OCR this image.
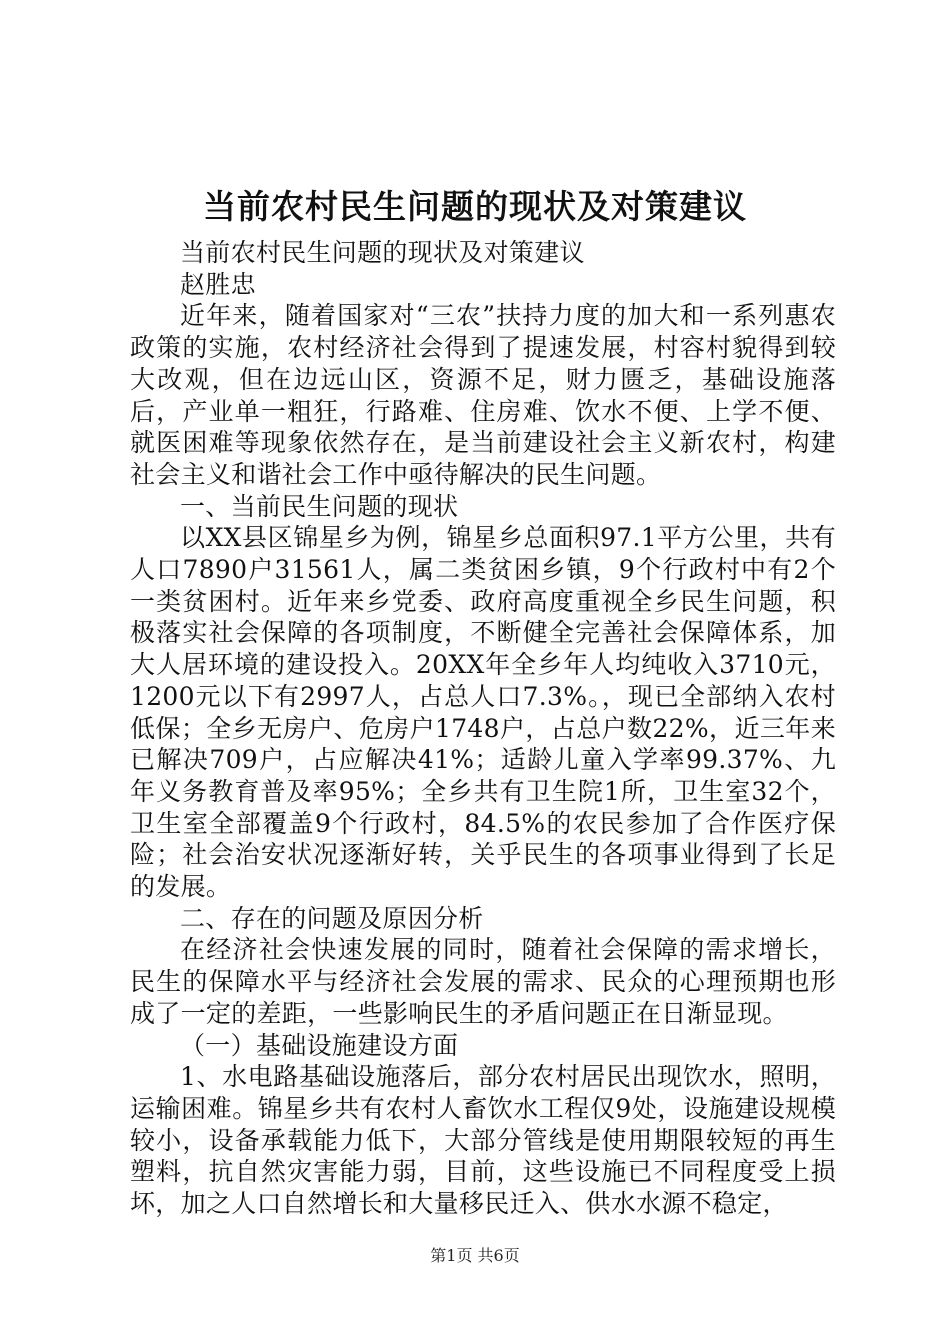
当前农村民生问题的现状及对策建议

当前农村民生问题的现状及对策建议

赵胜忠

近年来，随着国家对“三农”扶持力度的加大和一系列惠农政策的实施，农村经济社会得到了提速发展，村容村貌得到较大改观，但在边远山区，资源不足，财力匮乏，基础设施落后，产业单一粗狂，行路难、住房难、饮水不便、上学不便、就医困难等现象依然存在，是当前建设社会主义新农村，构建社会主义和谐社会工作中亟待解决的民生问题。

一、当前民生问题的现状

以XX县区锦星乡为例，锦星乡总面积97.1平方公里，共有人口7890户31561人，属二类贫困乡镇，9个行政村中有2个一类贫困村。近年来乡党委、政府高度重视全乡民生问题，积极落实社会保障的各项制度，不断健全完善社会保障体系，加大人居环境的建设投入。20XX年全乡年人均纯收入3710元，1200元以下有2997人，占总人口7.3%。，现已全部纳入农村低保；全乡无房户、危房户1748户，占总户数22%，近三年来已解决709户，占应解决41%；适龄儿童入学率99.37%、九年义务教育普及率95%；全乡共有卫生院1所，卫生室32个，卫生室全部覆盖9个行政村，84.5%的农民参加了合作医疗保险；社会治安状况逐渐好转，关乎民生的各项事业得到了长足的发展。

二、存在的问题及原因分析

在经济社会快速发展的同时，随着社会保障的需求增长，民生的保障水平与经济社会发展的需求、民众的心理预期也形成了一定的差距，一些影响民生的矛盾问题正在日渐显现。

（一）基础设施建设方面

1、水电路基础设施落后，部分农村居民出现饮水，照明，运输困难。锦星乡共有农村人畜饮水工程仅9处，设施建设规模较小，设备承载能力低下，大部分管线是使用期限较短的再生塑料，抗自然灾害能力弱，目前，这些设施已不同程度受上损坏，加之人口自然增长和大量移民迁入、供水水源不稳定，

第1页 共6页
